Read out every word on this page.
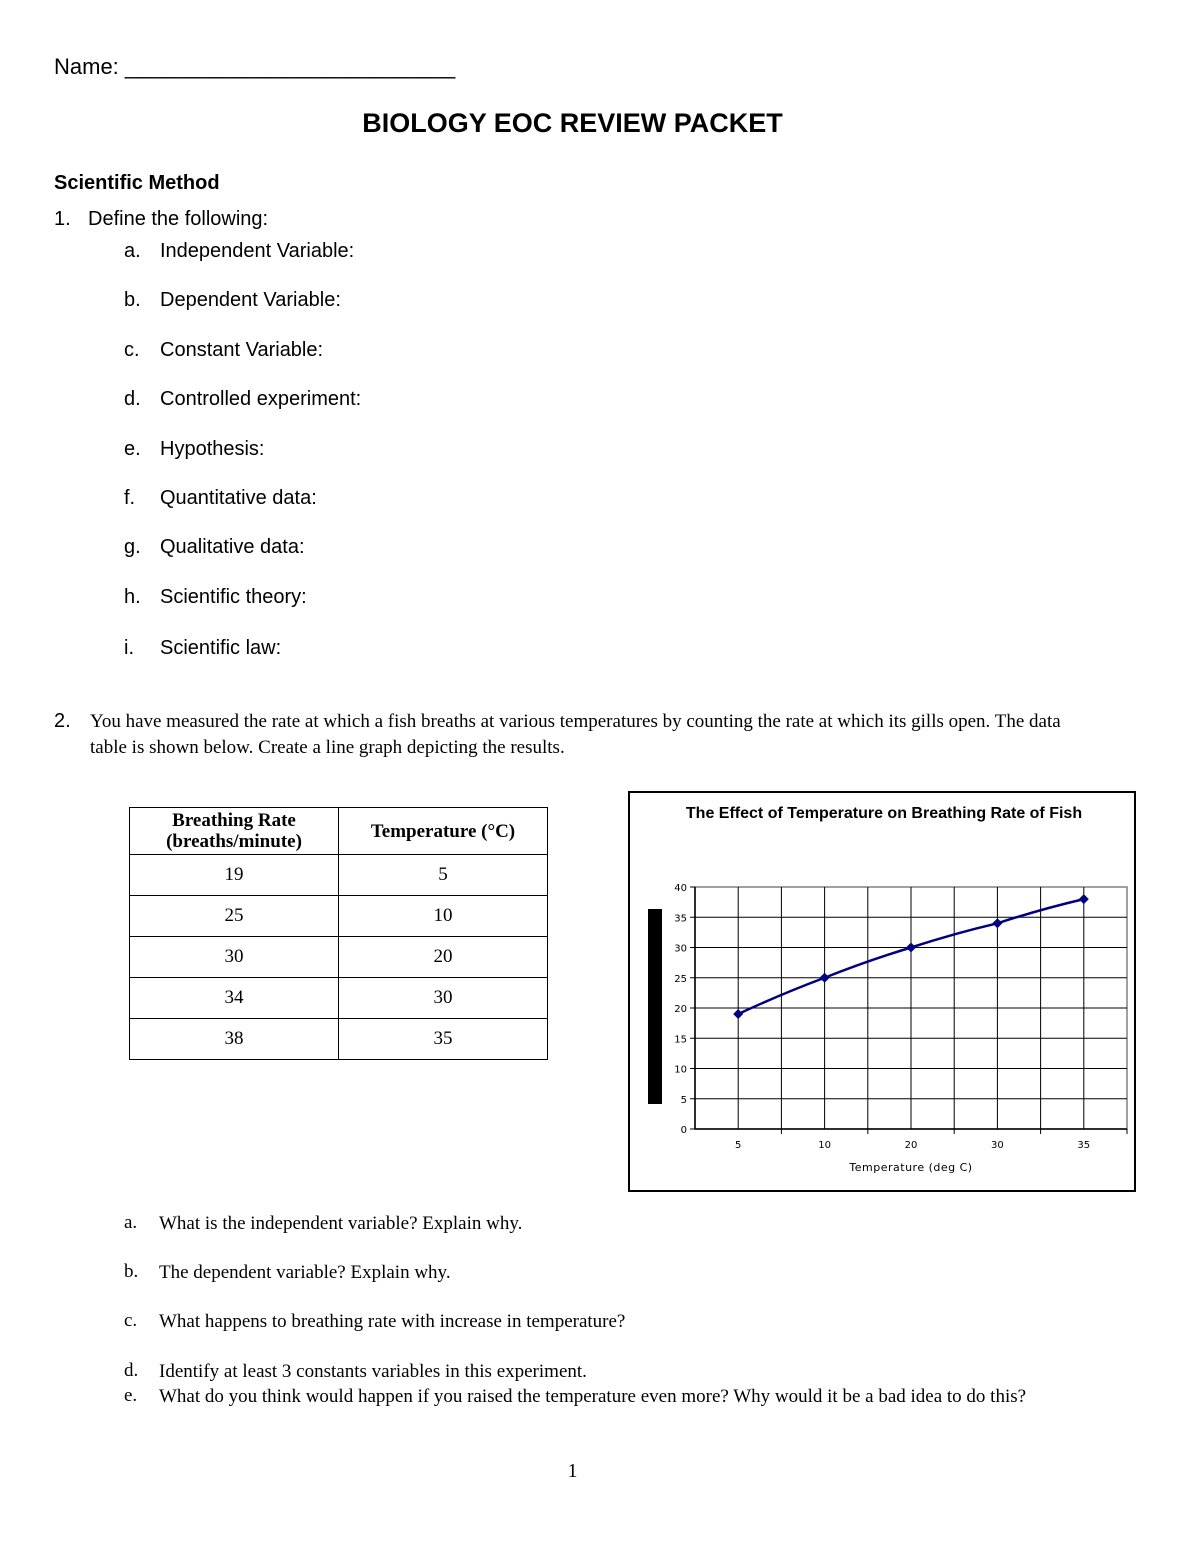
Name: ___________________________
BIOLOGY EOC REVIEW PACKET
Scientific Method
1. Define the following:
a. Independent Variable:
b. Dependent Variable:
c.	Constant Variable:
d. Controlled experiment:
e. Hypothesis:
f.	Quantitative data:
g. Qualitative data:
h. Scientific theory:
i.	Scientific law:
2. You have measured the rate at which a fish breaths at various temperatures by counting the rate at which its gills open. The data table is shown below. Create a line graph depicting the results.
Breathing Rate (breaths/minute)	Temperature (°C)
19	5
25	10
30	20
34	30
38	35
The Effect of Temperature on Breathing Rate of Fish
0
5
10
15
20
25
30
35
40
5	10	20	30	35
Temperature (deg C)
a. What is the independent variable? Explain why.
b. The dependent variable? Explain why.
c. What happens to breathing rate with increase in temperature?
d. Identify at least 3 constants variables in this experiment.
e. What do you think would happen if you raised the temperature even more? Why would it be a bad idea to do this?
1
